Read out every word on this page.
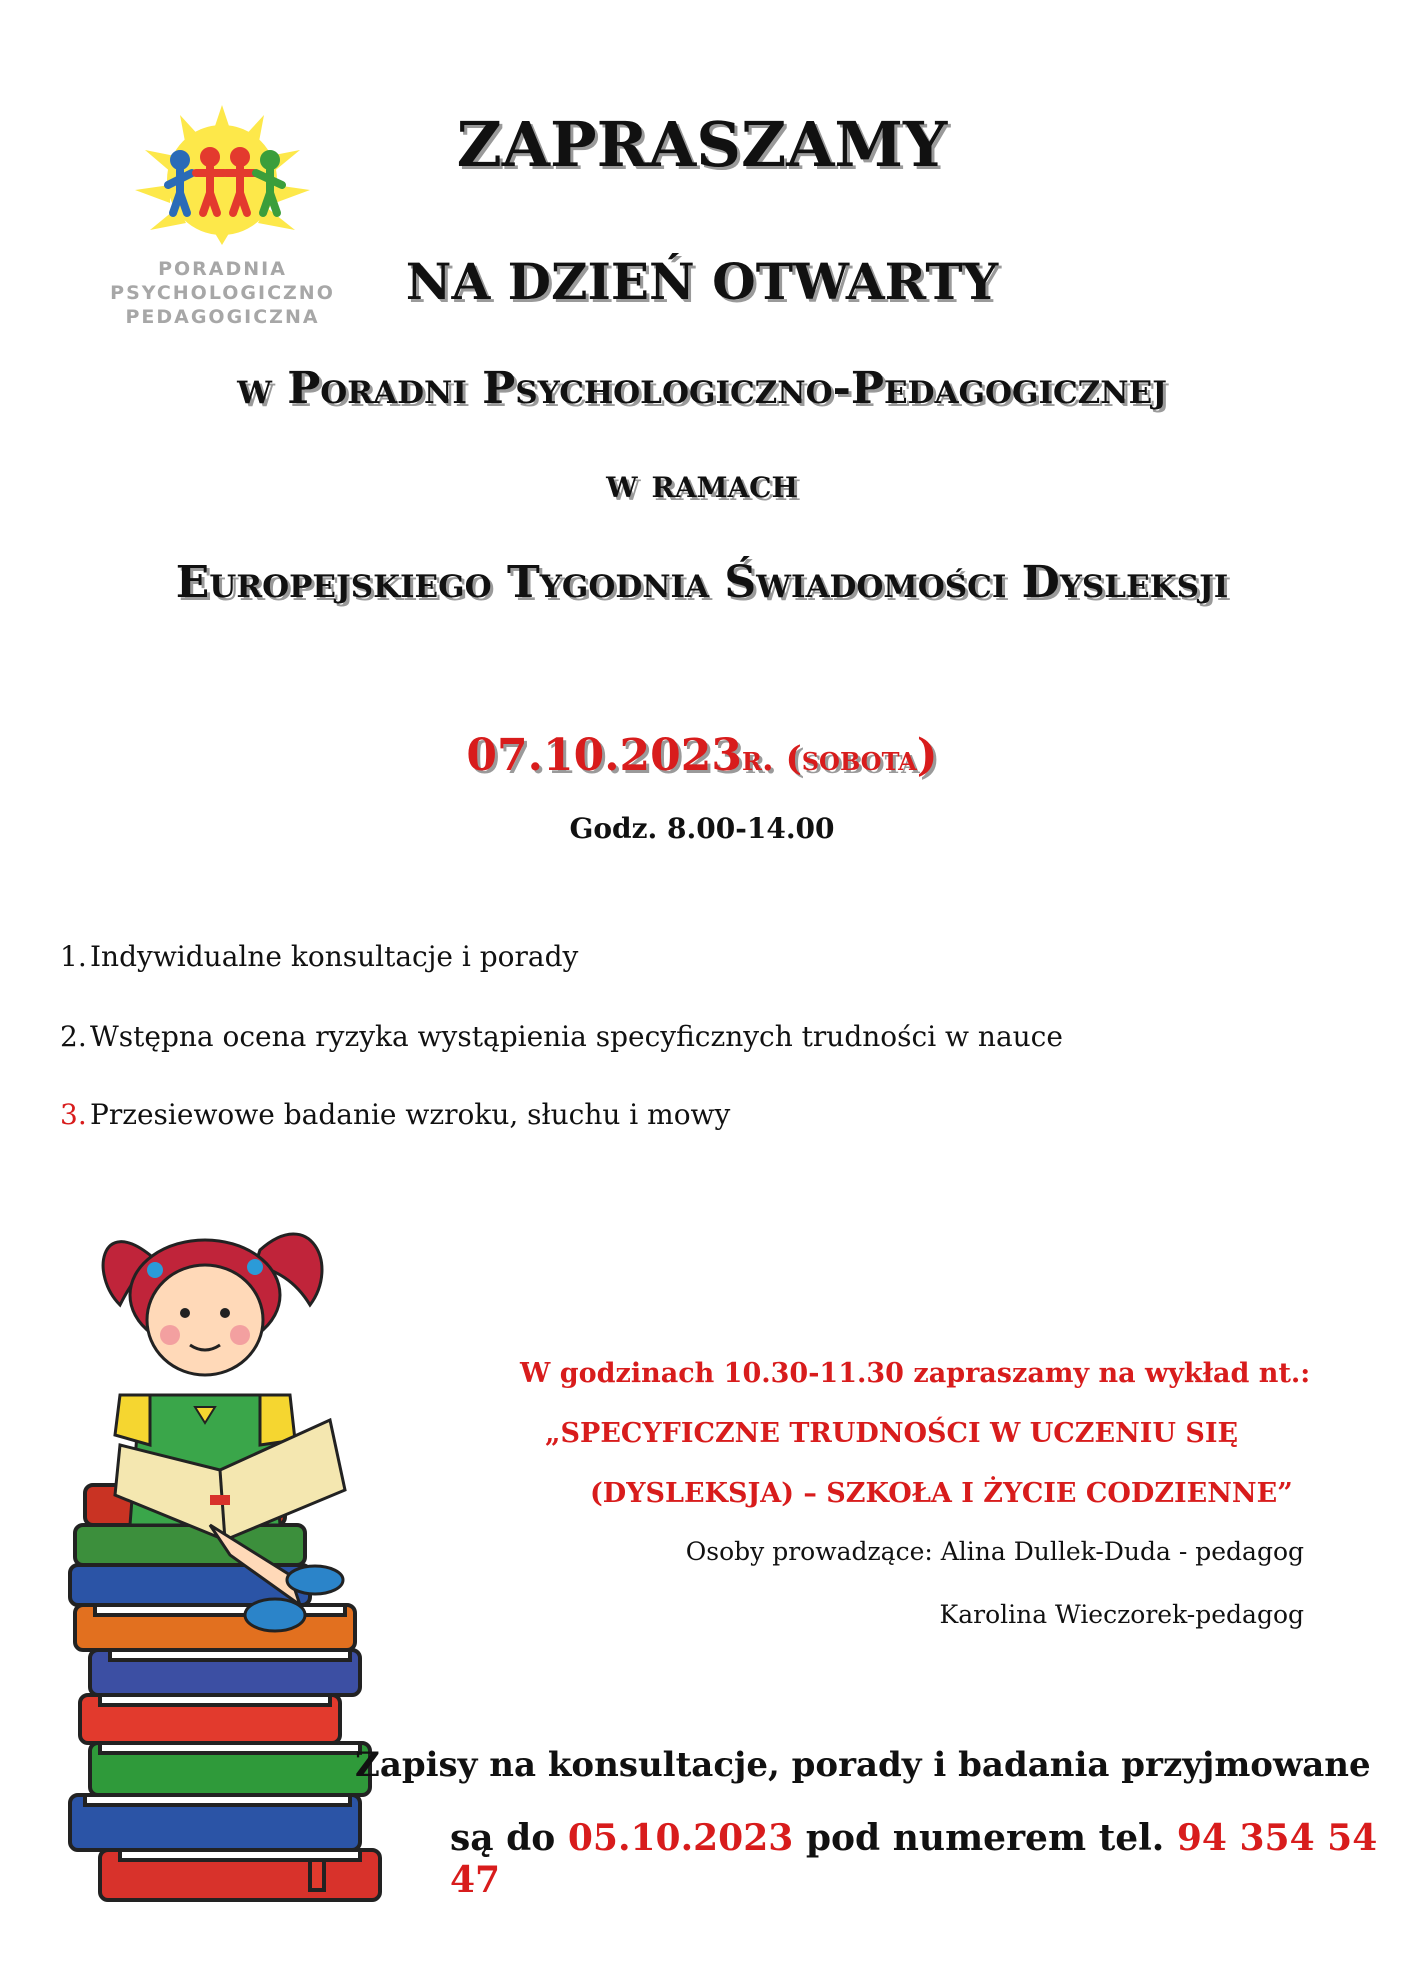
PORADNIA
PSYCHOLOGICZNO
PEDAGOGICZNA
ZAPRASZAMY
NA DZIEŃ OTWARTY
w Poradni Psychologiczno-Pedagogicznej
w ramach
Europejskiego Tygodnia Świadomości Dysleksji
07.10.2023r. (sobota)
Godz. 8.00-14.00
1. Indywidualne konsultacje i porady
2. Wstępna ocena ryzyka wystąpienia specyficznych trudności w nauce
3. Przesiewowe badanie wzroku, słuchu i mowy
W godzinach 10.30-11.30 zapraszamy na wykład nt.:
„SPECYFICZNE TRUDNOŚCI W UCZENIU SIĘ
(DYSLEKSJA) – SZKOŁA I ŻYCIE CODZIENNE”
Osoby prowadzące: Alina Dullek-Duda - pedagog
Karolina Wieczorek-pedagog
Zapisy na konsultacje, porady i badania przyjmowane
są do 05.10.2023 pod numerem tel. 94 354 54 47
